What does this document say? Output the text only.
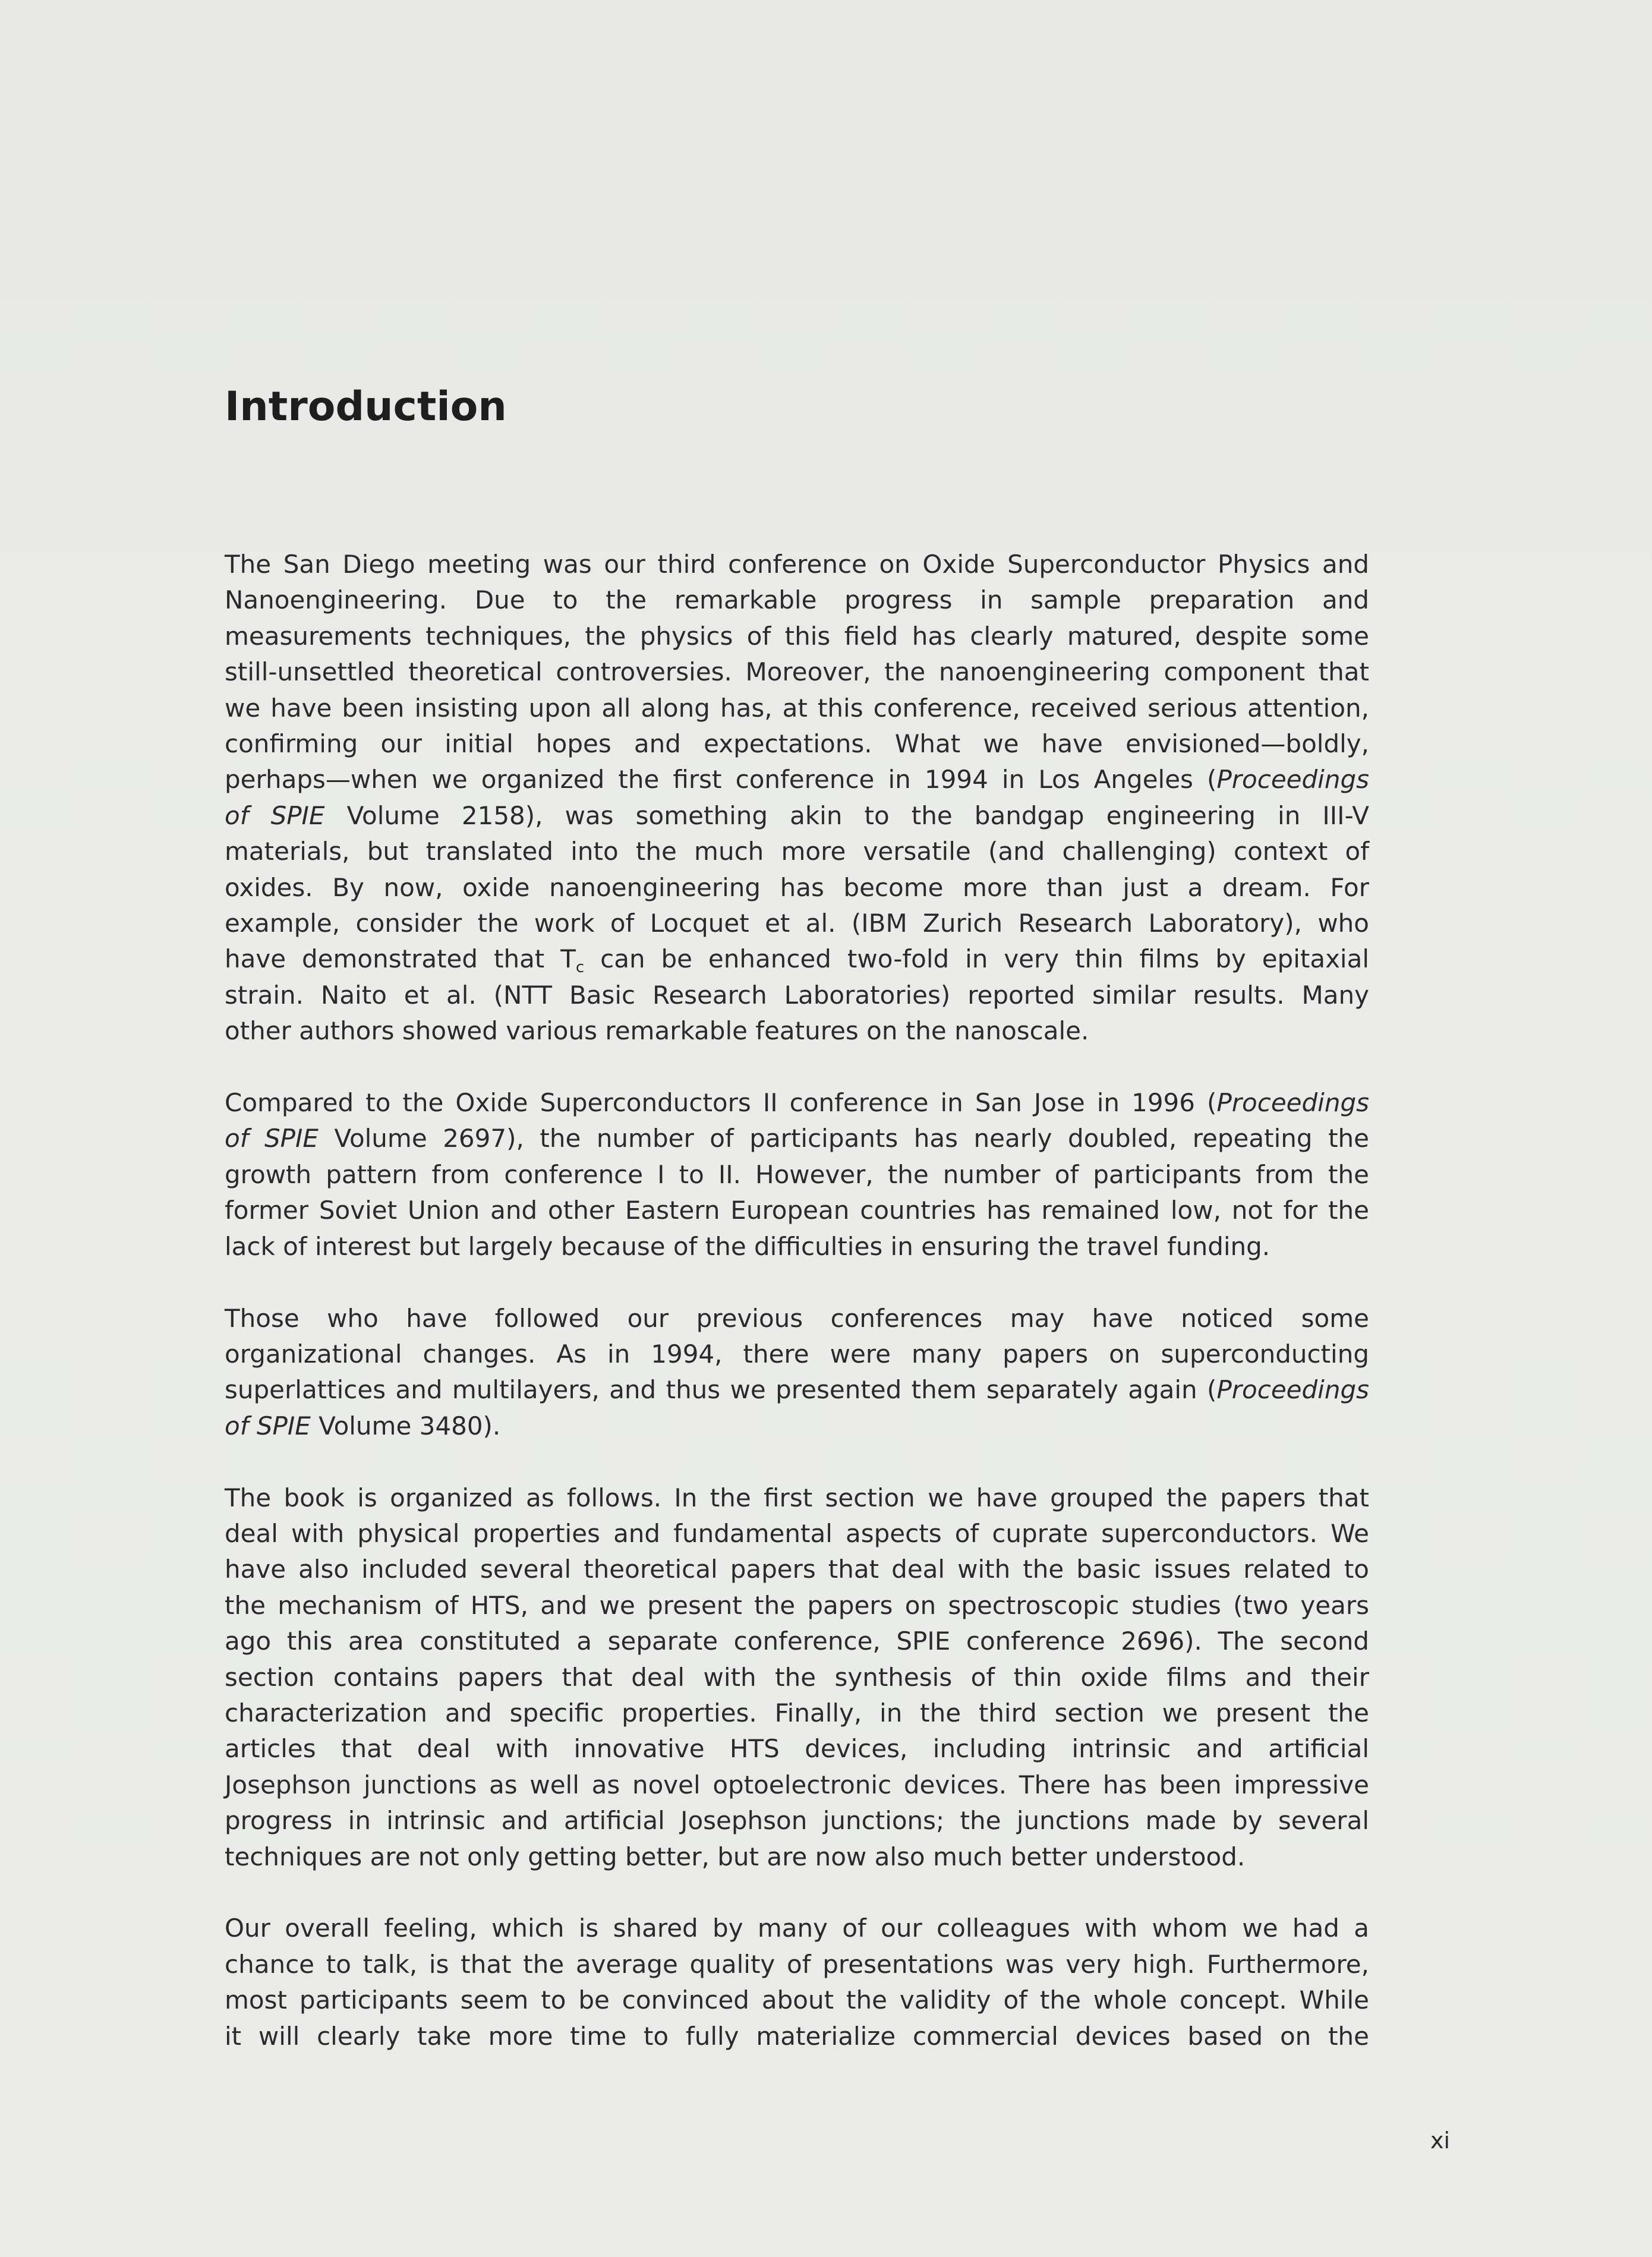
Introduction

The San Diego meeting was our third conference on Oxide Superconductor Physics and
Nanoengineering. Due to the remarkable progress in sample preparation and
measurements techniques, the physics of this field has clearly matured, despite some
still-unsettled theoretical controversies. Moreover, the nanoengineering component that
we have been insisting upon all along has, at this conference, received serious attention,
confirming our initial hopes and expectations. What we have envisioned—boldly,
perhaps—when we organized the first conference in 1994 in Los Angeles (Proceedings
of SPIE Volume 2158), was something akin to the bandgap engineering in III-V
materials, but translated into the much more versatile (and challenging) context of
oxides. By now, oxide nanoengineering has become more than just a dream. For
example, consider the work of Locquet et al. (IBM Zurich Research Laboratory), who
have demonstrated that $T_c$ can be enhanced two-fold in very thin films by epitaxial
strain. Naito et al. (NTT Basic Research Laboratories) reported similar results. Many
other authors showed various remarkable features on the nanoscale.

Compared to the Oxide Superconductors II conference in San Jose in 1996 (Proceedings
of SPIE Volume 2697), the number of participants has nearly doubled, repeating the
growth pattern from conference I to II. However, the number of participants from the
former Soviet Union and other Eastern European countries has remained low, not for the
lack of interest but largely because of the difficulties in ensuring the travel funding.

Those who have followed our previous conferences may have noticed some
organizational changes. As in 1994, there were many papers on superconducting
superlattices and multilayers, and thus we presented them separately again (Proceedings
of SPIE Volume 3480).

The book is organized as follows. In the first section we have grouped the papers that
deal with physical properties and fundamental aspects of cuprate superconductors. We
have also included several theoretical papers that deal with the basic issues related to
the mechanism of HTS, and we present the papers on spectroscopic studies (two years
ago this area constituted a separate conference, SPIE conference 2696). The second
section contains papers that deal with the synthesis of thin oxide films and their
characterization and specific properties. Finally, in the third section we present the
articles that deal with innovative HTS devices, including intrinsic and artificial
Josephson junctions as well as novel optoelectronic devices. There has been impressive
progress in intrinsic and artificial Josephson junctions; the junctions made by several
techniques are not only getting better, but are now also much better understood.

Our overall feeling, which is shared by many of our colleagues with whom we had a
chance to talk, is that the average quality of presentations was very high. Furthermore,
most participants seem to be convinced about the validity of the whole concept. While
it will clearly take more time to fully materialize commercial devices based on the

xi
